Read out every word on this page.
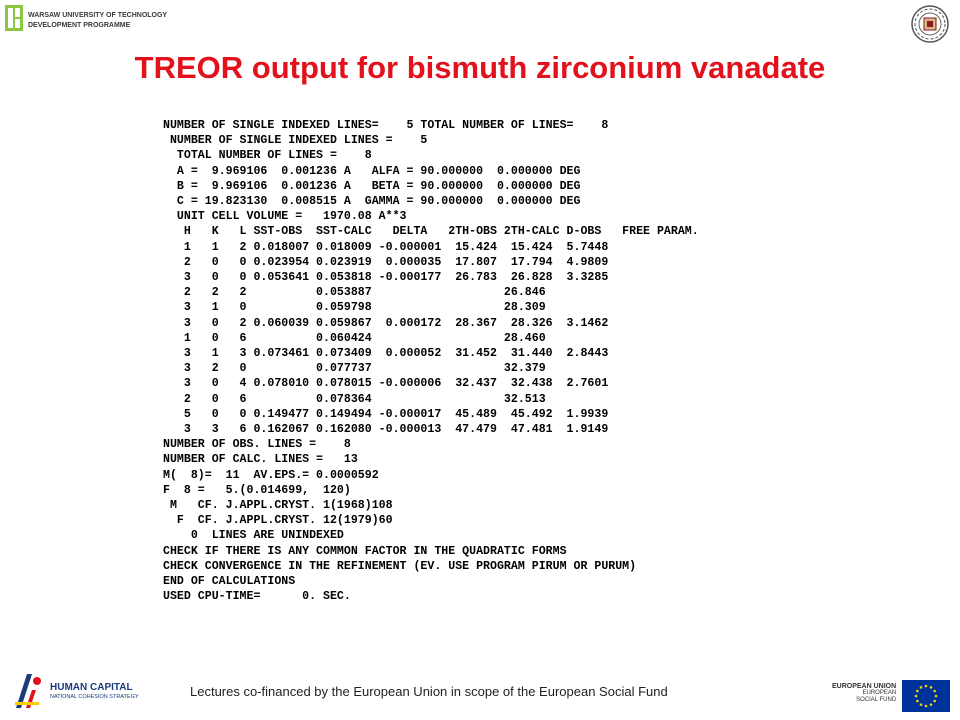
WARSAW UNIVERSITY OF TECHNOLOGY
DEVELOPMENT PROGRAMME
TREOR output for bismuth zirconium vanadate
NUMBER OF SINGLE INDEXED LINES=    5 TOTAL NUMBER OF LINES=    8
NUMBER OF SINGLE INDEXED LINES =    5
TOTAL NUMBER OF LINES =    8
A =  9.969106  0.001236 A   ALFA = 90.000000  0.000000 DEG
B =  9.969106  0.001236 A   BETA = 90.000000  0.000000 DEG
C = 19.823130  0.008515 A  GAMMA = 90.000000  0.000000 DEG
UNIT CELL VOLUME =   1970.08 A**3
H   K   L SST-OBS  SST-CALC   DELTA   2TH-OBS 2TH-CALC D-OBS   FREE PARAM.
1   1   2 0.018007 0.018009 -0.000001  15.424  15.424  5.7448
2   0   0 0.023954 0.023919  0.000035  17.807  17.794  4.9809
3   0   0 0.053641 0.053818 -0.000177  26.783  26.828  3.3285
2   2   2          0.053887                   26.846
3   1   0          0.059798                   28.309
3   0   2 0.060039 0.059867  0.000172  28.367  28.326  3.1462
1   0   6          0.060424                   28.460
3   1   3 0.073461 0.073409  0.000052  31.452  31.440  2.8443
3   2   0          0.077737                   32.379
3   0   4 0.078010 0.078015 -0.000006  32.437  32.438  2.7601
2   0   6          0.078364                   32.513
5   0   0 0.149477 0.149494 -0.000017  45.489  45.492  1.9939
3   3   6 0.162067 0.162080 -0.000013  47.479  47.481  1.9149
NUMBER OF OBS. LINES =    8
NUMBER OF CALC. LINES =   13
M(  8)=  11  AV.EPS.= 0.0000592
F  8 =   5.(0.014699,  120)
M   CF. J.APPL.CRYST. 1(1968)108
F  CF. J.APPL.CRYST. 12(1979)60
0  LINES ARE UNINDEXED
CHECK IF THERE IS ANY COMMON FACTOR IN THE QUADRATIC FORMS
CHECK CONVERGENCE IN THE REFINEMENT (EV. USE PROGRAM PIRUM OR PURUM)
END OF CALCULATIONS
USED CPU-TIME=      0. SEC.
HUMAN CAPITAL
NATIONAL COHESION STRATEGY	Lectures co-financed by the European Union in scope of the European Social Fund	EUROPEAN UNION
EUROPEAN
SOCIAL FUND
